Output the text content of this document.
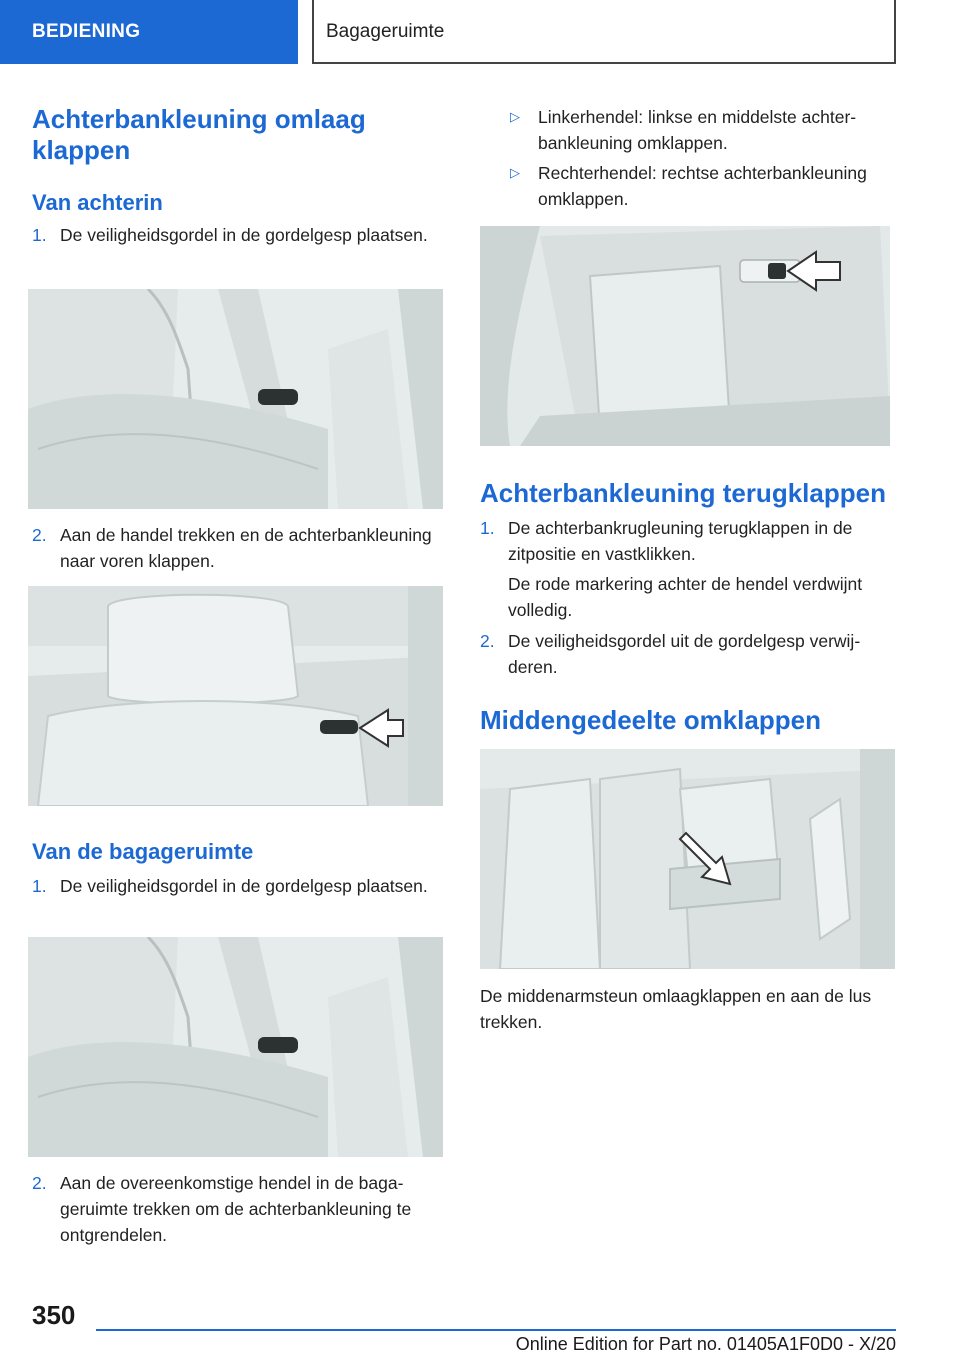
BEDIENING	Bagageruimte
Achterbankleuning omlaag klappen
Van achterin
1. De veiligheidsgordel in de gordelgesp plaatsen.
2. Aan de handel trekken en de achterbankleuning naar voren klappen.
Van de bagageruimte
1. De veiligheidsgordel in de gordelgesp plaatsen.
2. Aan de overeenkomstige hendel in de bagageruimte trekken om de achterbankleuning te ontgrendelen.
▷ Linkerhendel: linkse en middelste achterbankleuning omklappen.
▷ Rechterhendel: rechtse achterbankleuning omklappen.
Achterbankleuning terugklappen
1. De achterbankrugleuning terugklappen in de zitpositie en vastklikken.
De rode markering achter de hendel verdwijnt volledig.
2. De veiligheidsgordel uit de gordelgesp verwijderen.
Middengedeelte omklappen
De middenarmsteun omlaagklappen en aan de lus trekken.
350
Online Edition for Part no. 01405A1F0D0 - X/20
